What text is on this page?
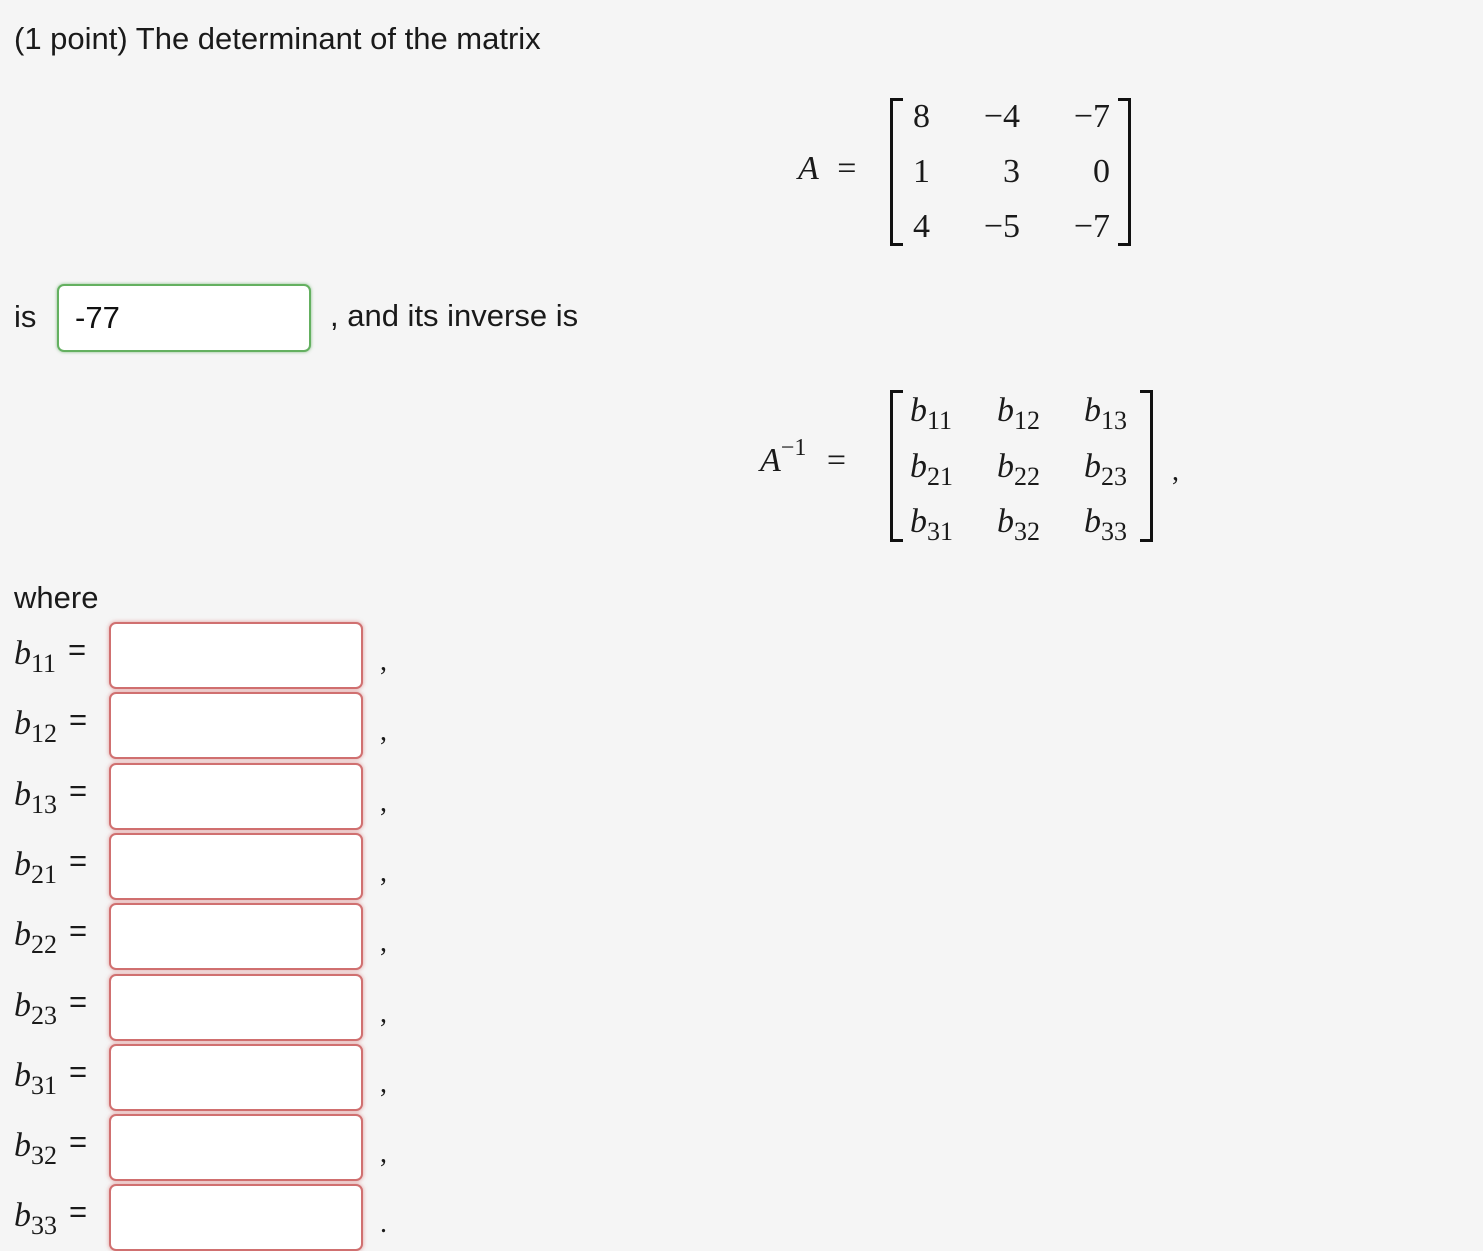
(1 point) The determinant of the matrix
A =
8	−4	−7
1	3	0
4	−5	−7
is
-77	, and its inverse is
$A^{-1}$ =
$b_{11}$ $b_{12}$ $b_{13}$
$b_{21}$ $b_{22}$ $b_{23}$
$b_{31}$ $b_{32}$ $b_{33}$
,
where
$b_{11}$ =	,
$b_{12}$ =	,
$b_{13}$ =	,
$b_{21}$ =	,
$b_{22}$ =	,
$b_{23}$ =	,
$b_{31}$ =	,
$b_{32}$ =	,
$b_{33}$ =	.
